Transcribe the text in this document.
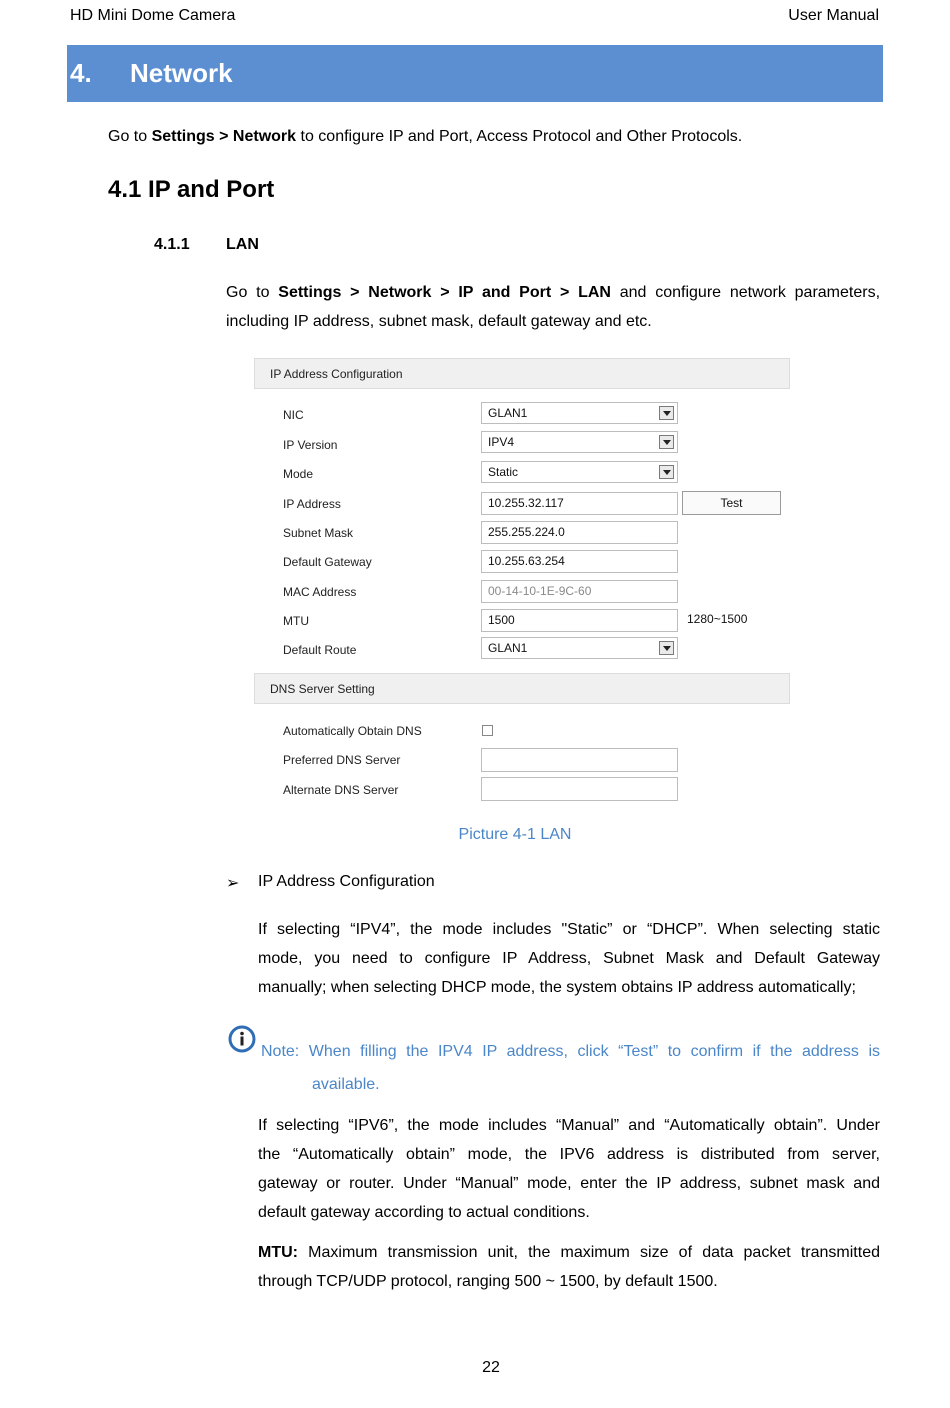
HD Mini Dome Camera	User Manual
4. Network
Go to Settings > Network to configure IP and Port, Access Protocol and Other Protocols.
4.1 IP and Port
4.1.1 LAN
Go to Settings > Network > IP and Port > LAN and configure network parameters,
including IP address, subnet mask, default gateway and etc.
IP Address Configuration
NIC	GLAN1
IP Version	IPV4
Mode	Static
IP Address	10.255.32.117	Test
Subnet Mask	255.255.224.0
Default Gateway	10.255.63.254
MAC Address	00-14-10-1E-9C-60
MTU	1500	1280~1500
Default Route	GLAN1
DNS Server Setting
Automatically Obtain DNS
Preferred DNS Server
Alternate DNS Server
Picture 4-1 LAN
➢ IP Address Configuration
If selecting “IPV4”, the mode includes "Static” or “DHCP”. When selecting static
mode, you need to configure IP Address, Subnet Mask and Default Gateway
manually; when selecting DHCP mode, the system obtains IP address automatically;
Note: When filling the IPV4 IP address, click “Test” to confirm if the address is
available.
If selecting “IPV6”, the mode includes “Manual” and “Automatically obtain”. Under
the “Automatically obtain” mode, the IPV6 address is distributed from server,
gateway or router. Under “Manual” mode, enter the IP address, subnet mask and
default gateway according to actual conditions.
MTU: Maximum transmission unit, the maximum size of data packet transmitted
through TCP/UDP protocol, ranging 500 ~ 1500, by default 1500.
22
